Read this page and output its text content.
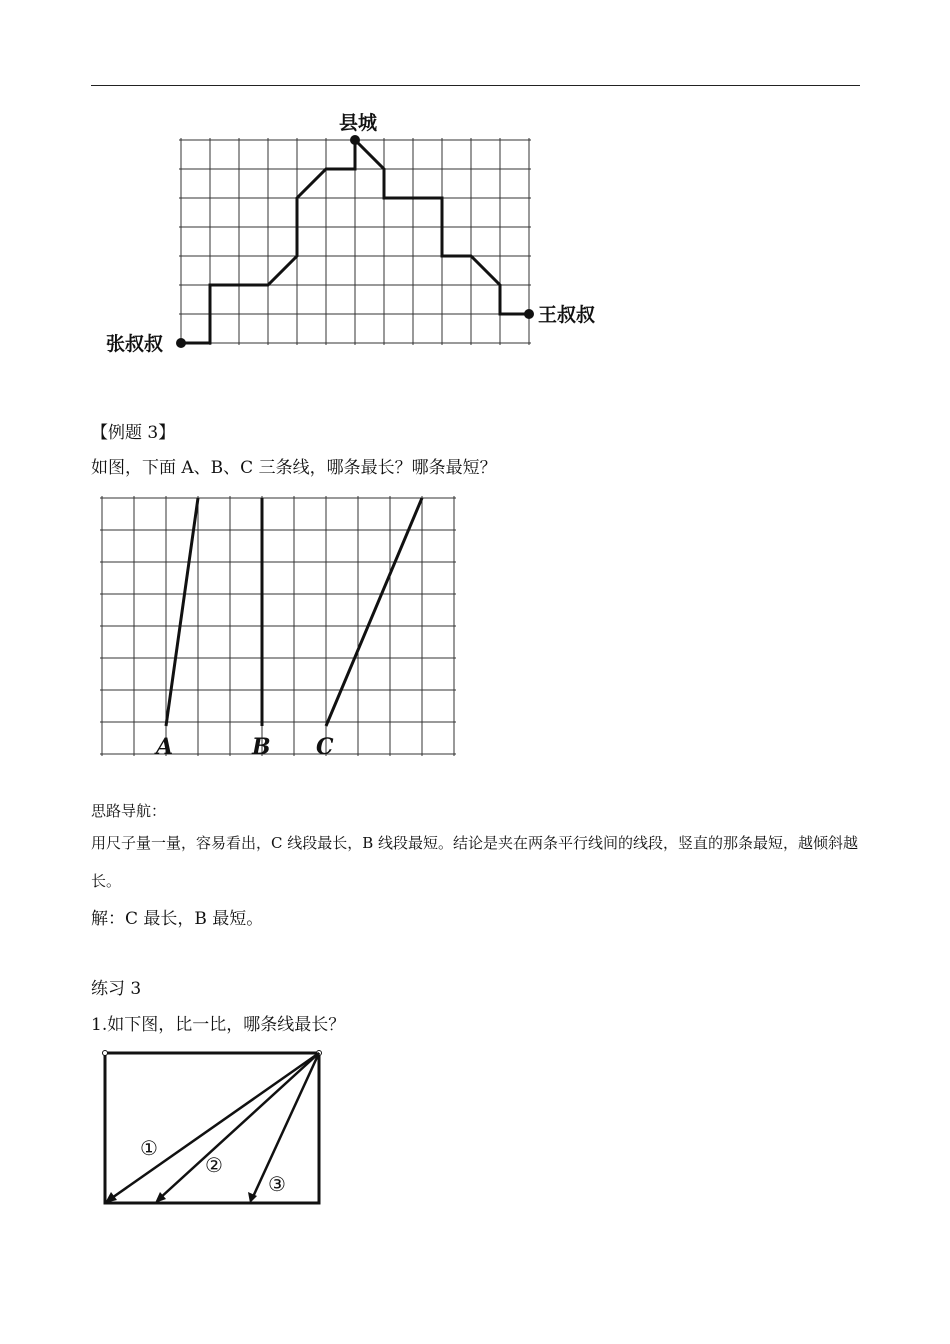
县城
张叔叔
王叔叔
【例题 3】
如图，下面 A、B、C 三条线，哪条最长？哪条最短？
A	B C
思路导航：
用尺子量一量，容易看出，C 线段最长，B 线段最短。结论是夹在两条平行线间的线段，竖直的那条最短，越倾斜越长。
解：C 最长，B 最短。
练习 3
1.如下图，比一比，哪条线最长？
①
②
③
